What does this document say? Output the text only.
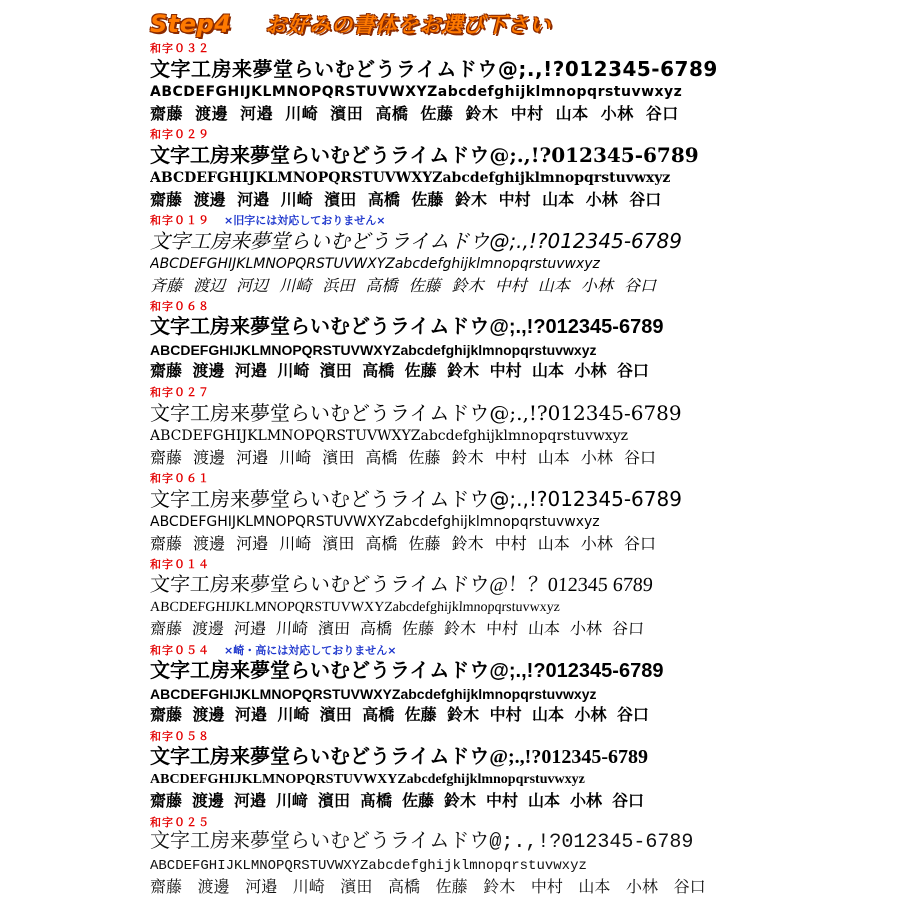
Step4 お好みの書体をお選び下さい
和字０３２
文字工房来夢堂らいむどうライムドウ@;.,!?012345-6789
ABCDEFGHIJKLMNOPQRSTUVWXYZabcdefghijklmnopqrstuvwxyz
齋藤 渡邊 河邉 川崎 濱田 高橋 佐藤 鈴木 中村 山本 小林 谷口
和字０２９
文字工房来夢堂らいむどうライムドウ@;.,!?012345-6789
ABCDEFGHIJKLMNOPQRSTUVWXYZabcdefghijklmnopqrstuvwxyz
齋藤 渡邊 河邉 川崎 濱田 高橋 佐藤 鈴木 中村 山本 小林 谷口
和字０１９ ×旧字には対応しておりません×
文字工房来夢堂らいむどうライムドウ@;.,!?012345-6789
ABCDEFGHIJKLMNOPQRSTUVWXYZabcdefghijklmnopqrstuvwxyz
斉藤 渡辺 河辺 川崎 浜田 高橋 佐藤 鈴木 中村 山本 小林 谷口
和字０６８
文字工房来夢堂らいむどうライムドウ@;.,!?012345-6789
ABCDEFGHIJKLMNOPQRSTUVWXYZabcdefghijklmnopqrstuvwxyz
齋藤 渡邊 河邉 川崎 濱田 高橋 佐藤 鈴木 中村 山本 小林 谷口
和字０２７
文字工房来夢堂らいむどうライムドウ@;.,!?012345-6789
ABCDEFGHIJKLMNOPQRSTUVWXYZabcdefghijklmnopqrstuvwxyz
齋藤 渡邊 河邉 川崎 濱田 高橋 佐藤 鈴木 中村 山本 小林 谷口
和字０６１
文字工房来夢堂らいむどうライムドウ@;.,!?012345-6789
ABCDEFGHIJKLMNOPQRSTUVWXYZabcdefghijklmnopqrstuvwxyz
齋藤 渡邊 河邉 川崎 濱田 高橋 佐藤 鈴木 中村 山本 小林 谷口
和字０１４
文字工房来夢堂らいむどうライムドウ@！？012345 6789
ABCDEFGHIJKLMNOPQRSTUVWXYZabcdefghijklmnopqrstuvwxyz
齋藤 渡邊 河邉 川崎 濱田 高橋 佐藤 鈴木 中村 山本 小林 谷口
和字０５４ ×崎・高には対応しておりません×
文字工房来夢堂らいむどうライムドウ@;.,!?012345-6789
ABCDEFGHIJKLMNOPQRSTUVWXYZabcdefghijklmnopqrstuvwxyz
齋藤 渡邊 河邉 川崎 濱田 高橋 佐藤 鈴木 中村 山本 小林 谷口
和字０５８
文字工房来夢堂らいむどうライムドウ@;.,!?012345-6789
ABCDEFGHIJKLMNOPQRSTUVWXYZabcdefghijklmnopqrstuvwxyz
齋藤 渡邊 河邉 川﨑 濱田 髙橋 佐藤 鈴木 中村 山本 小林 谷口
和字０２５
文字工房来夢堂らいむどうライムドウ@;.,!?012345-6789
ABCDEFGHIJKLMNOPQRSTUVWXYZabcdefghijklmnopqrstuvwxyz
齋藤 渡邊 河邉 川崎 濱田 高橋 佐藤 鈴木 中村 山本 小林 谷口
